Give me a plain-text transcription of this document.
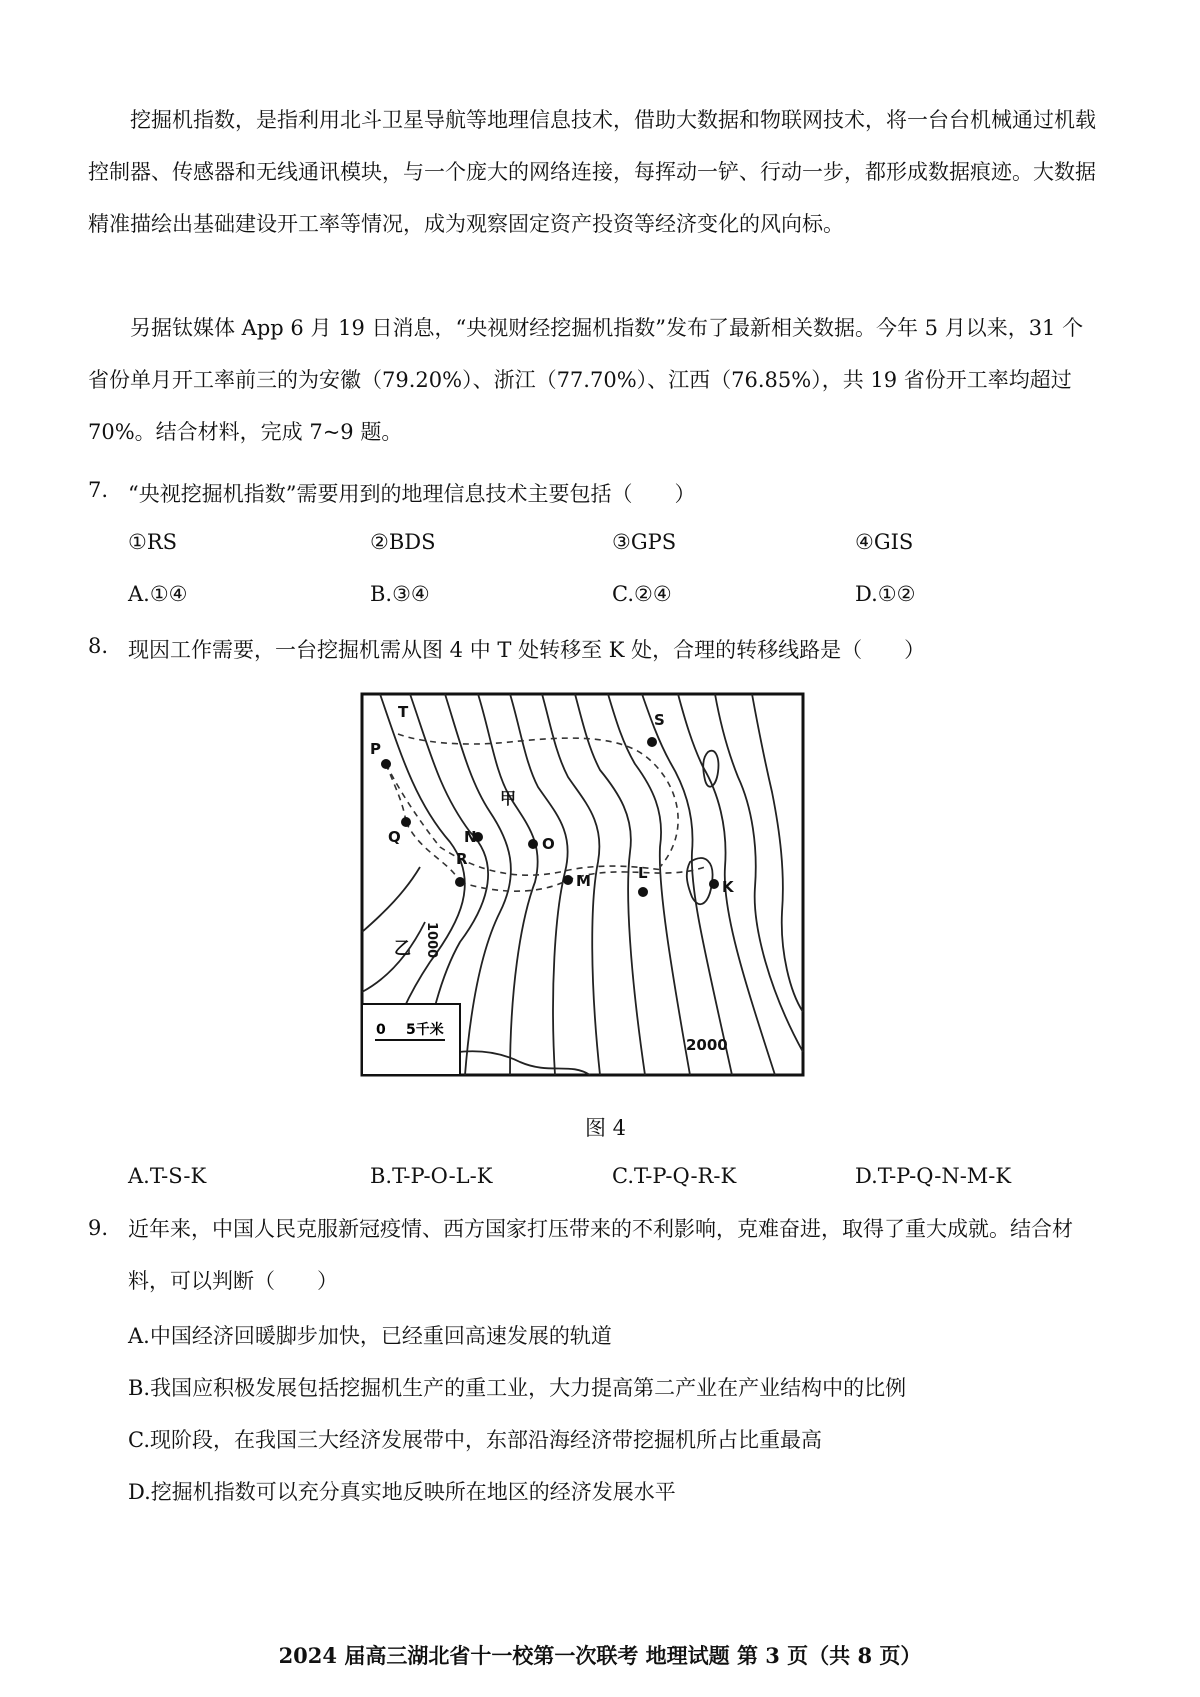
挖掘机指数，是指利用北斗卫星导航等地理信息技术，借助大数据和物联网技术，将一台台机械通过机载控制器、传感器和无线通讯模块，与一个庞大的网络连接，每挥动一铲、行动一步，都形成数据痕迹。大数据精准描绘出基础建设开工率等情况，成为观察固定资产投资等经济变化的风向标。

另据钛媒体 App 6 月 19 日消息，“央视财经挖掘机指数”发布了最新相关数据。今年 5 月以来，31 个省份单月开工率前三的为安徽（79.20%）、浙江（77.70%）、江西（76.85%），共 19 省份开工率均超过 70%。结合材料，完成 7~9 题。

7. “央视挖掘机指数”需要用到的地理信息技术主要包括（　　）
①RS	②BDS	③GPS	④GIS
A.①④	B.③④	C.②④	D.①②
8. 现因工作需要，一台挖掘机需从图 4 中 T 处转移至 K 处，合理的转移线路是（　　）
T
P
Q	N
R
O
M	L
S
K
甲
乙
2000
1000
0 5千米
图 4
A.T-S-K	B.T-P-O-L-K	C.T-P-Q-R-K	D.T-P-Q-N-M-K
9. 近年来，中国人民克服新冠疫情、西方国家打压带来的不利影响，克难奋进，取得了重大成就。结合材料，可以判断（　　）

A.中国经济回暖脚步加快，已经重回高速发展的轨道
B.我国应积极发展包括挖掘机生产的重工业，大力提高第二产业在产业结构中的比例
C.现阶段，在我国三大经济发展带中，东部沿海经济带挖掘机所占比重最高
D.挖掘机指数可以充分真实地反映所在地区的经济发展水平
2024 届高三湖北省十一校第一次联考 地理试题 第 3 页（共 8 页）
